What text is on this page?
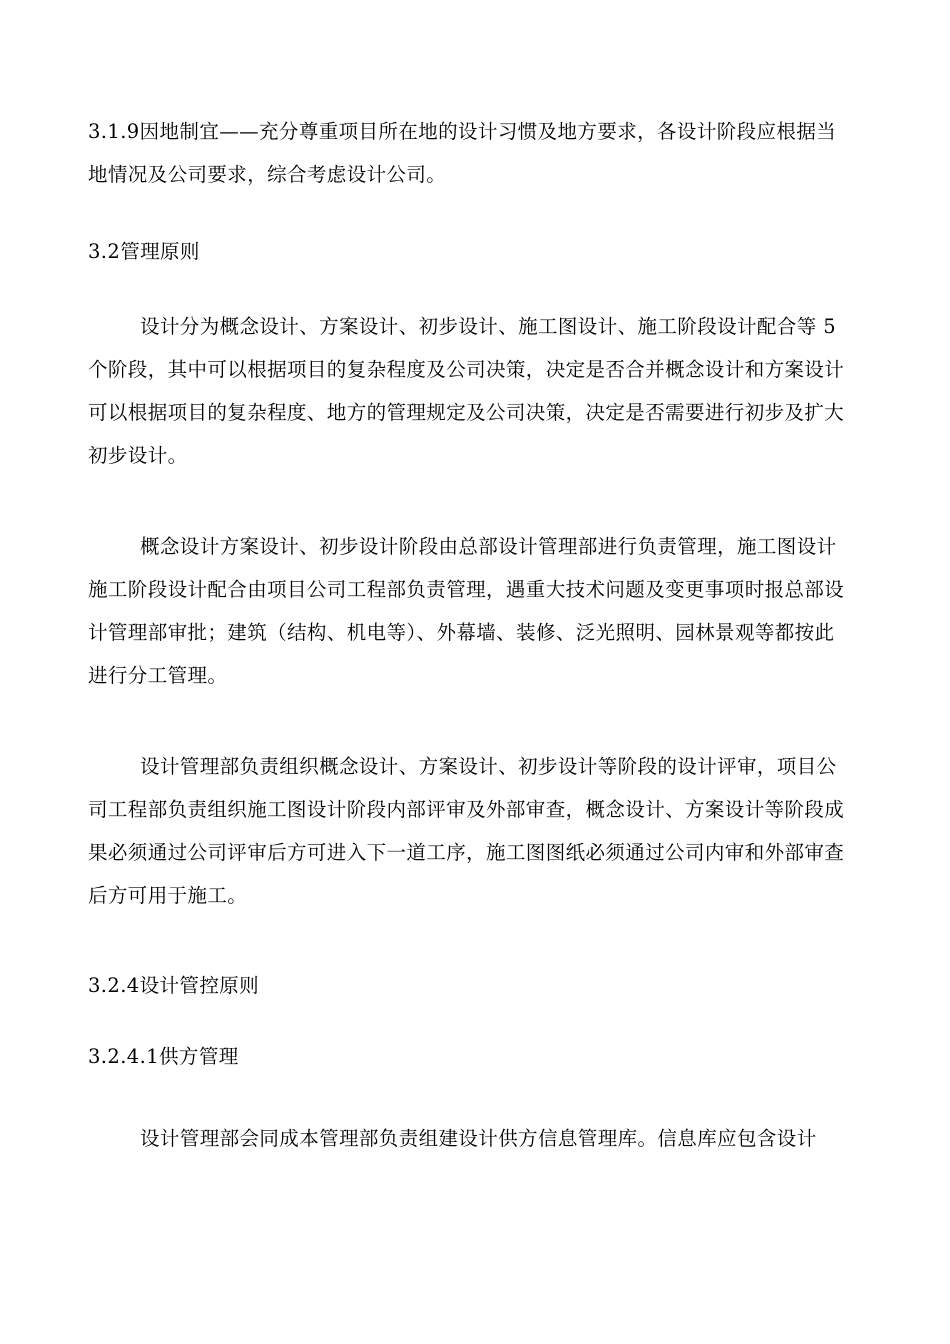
3.1.9因地制宜——充分尊重项目所在地的设计习惯及地方要求，各设计阶段应根据当
地情况及公司要求，综合考虑设计公司。
3.2管理原则
设计分为概念设计、方案设计、初步设计、施工图设计、施工阶段设计配合等 5
个阶段，其中可以根据项目的复杂程度及公司决策，决定是否合并概念设计和方案设计
可以根据项目的复杂程度、地方的管理规定及公司决策，决定是否需要进行初步及扩大
初步设计。
概念设计方案设计、初步设计阶段由总部设计管理部进行负责管理，施工图设计
施工阶段设计配合由项目公司工程部负责管理，遇重大技术问题及变更事项时报总部设
计管理部审批；建筑（结构、机电等）、外幕墙、装修、泛光照明、园林景观等都按此
进行分工管理。
设计管理部负责组织概念设计、方案设计、初步设计等阶段的设计评审，项目公
司工程部负责组织施工图设计阶段内部评审及外部审查，概念设计、方案设计等阶段成
果必须通过公司评审后方可进入下一道工序，施工图图纸必须通过公司内审和外部审查
后方可用于施工。
3.2.4设计管控原则
3.2.4.1供方管理
设计管理部会同成本管理部负责组建设计供方信息管理库。信息库应包含设计
